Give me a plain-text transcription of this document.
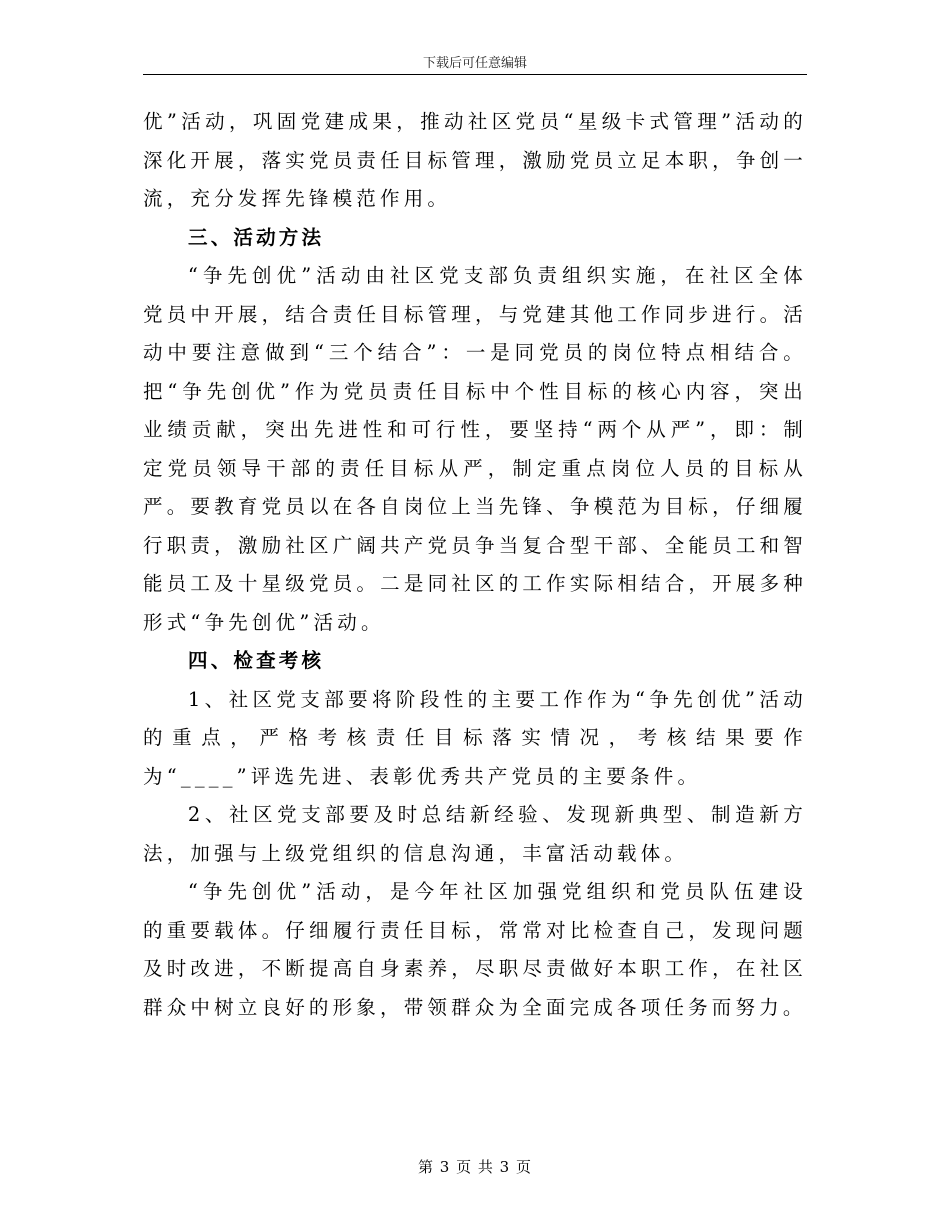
下载后可任意编辑

优”活动，巩固党建成果，推动社区党员“星级卡式管理”活动的深化开展，落实党员责任目标管理，激励党员立足本职，争创一流，充分发挥先锋模范作用。

三、活动方法

“争先创优”活动由社区党支部负责组织实施，在社区全体党员中开展，结合责任目标管理，与党建其他工作同步进行。活动中要注意做到“三个结合”：一是同党员的岗位特点相结合。把“争先创优”作为党员责任目标中个性目标的核心内容，突出业绩贡献，突出先进性和可行性，要坚持“两个从严”，即：制定党员领导干部的责任目标从严，制定重点岗位人员的目标从严。要教育党员以在各自岗位上当先锋、争模范为目标，仔细履行职责，激励社区广阔共产党员争当复合型干部、全能员工和智能员工及十星级党员。二是同社区的工作实际相结合，开展多种形式“争先创优”活动。

四、检查考核

1、社区党支部要将阶段性的主要工作作为“争先创优”活动的重点，严格考核责任目标落实情况，考核结果要作为“____”评选先进、表彰优秀共产党员的主要条件。

2、社区党支部要及时总结新经验、发现新典型、制造新方法，加强与上级党组织的信息沟通，丰富活动载体。

“争先创优”活动，是今年社区加强党组织和党员队伍建设的重要载体。仔细履行责任目标，常常对比检查自己，发现问题及时改进，不断提高自身素养，尽职尽责做好本职工作，在社区群众中树立良好的形象，带领群众为全面完成各项任务而努力。

第 3 页 共 3 页
